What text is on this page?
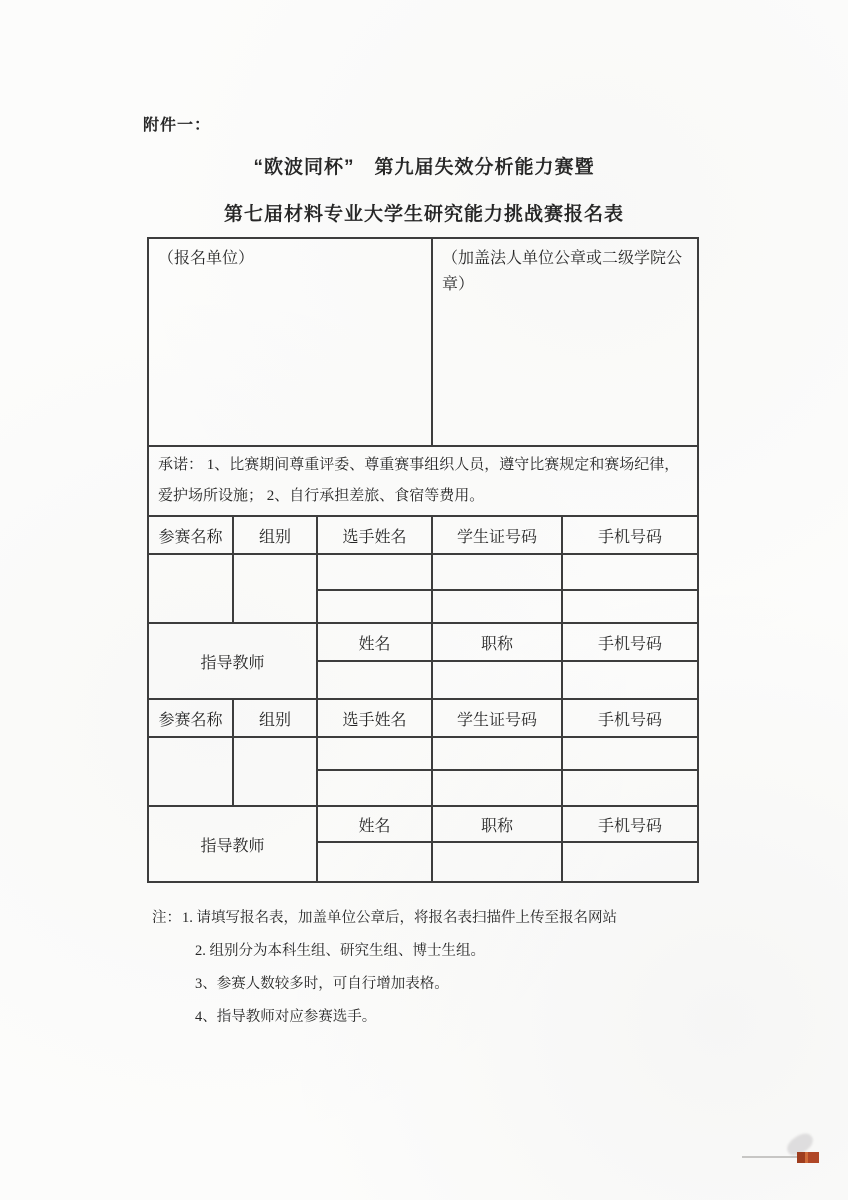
附件一：
“欧波同杯”　第九届失效分析能力赛暨
第七届材料专业大学生研究能力挑战赛报名表
（报名单位）			（加盖法人单位公章或二级学院公章）	
承诺： 1、比赛期间尊重评委、尊重赛事组织人员，遵守比赛规定和赛场纪律，爱护场所设施； 2、自行承担差旅、食宿等费用。				
参赛名称	组别	选手姓名	学生证号码	手机号码

指导教师		姓名	职称	手机号码

参赛名称	组别	选手姓名	学生证号码	手机号码

指导教师		姓名	职称	手机号码

注：1. 请填写报名表，加盖单位公章后，将报名表扫描件上传至报名网站
2. 组别分为本科生组、研究生组、博士生组。
3、参赛人数较多时，可自行增加表格。
4、指导教师对应参赛选手。
